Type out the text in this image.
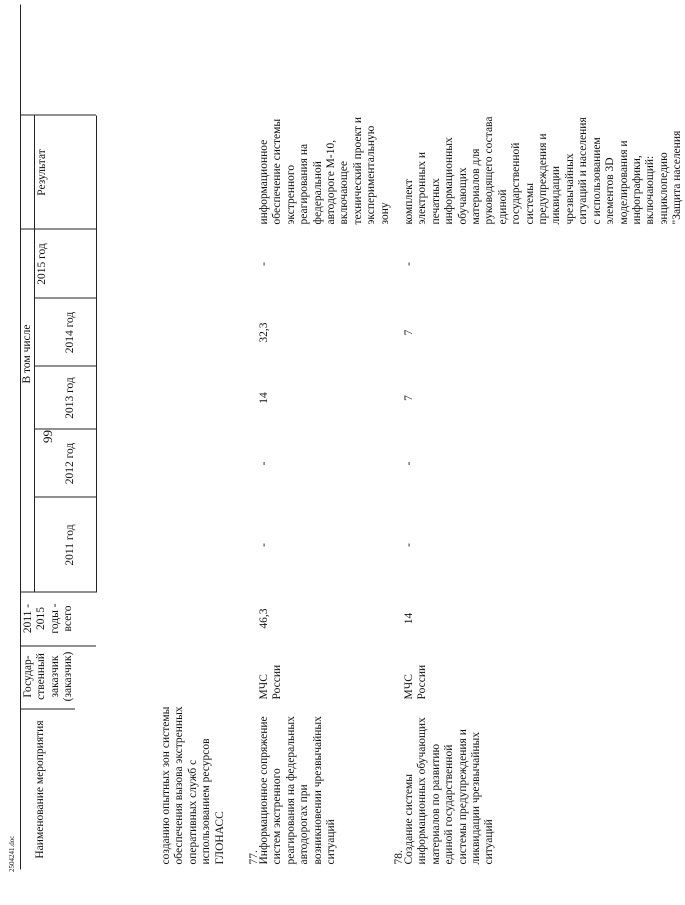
99
2504241.doc Наименование мероприятия
Государ- ственный заказчик (заказчик)
2011 - 2015 годы - всего
В том числе
2011 год
2012 год
2013 год
2014 год
2015 год
Результат
созданию опытных зон системы обеспечения вызова экстренных оперативных служб с использованием ресурсов ГЛОНАСС 77.
Информационное сопряжение систем экстренного реагирования на федеральных автодорогах при возникновении чрезвычайных ситуаций
МЧС России
46,3
-
-
14
32,3
-
информационное обеспечение системы экстренного реагирования на федеральной автодороге М-10, включающее технический проект и экспериментальную зону
78.
Создание системы информационных обучающих материалов по развитию единой государственной системы предупреждения и ликвидации чрезвычайных ситуаций
МЧС России
14
-
-
7
7
-
комплект электронных и печатных информационных обучающих материалов для руководящего состава единой государственной системы предупреждения и ликвидации чрезвычайных ситуаций и населения с использованием элементов 3D моделирования и инфографики, включающий: энциклопедию "Защита населения
